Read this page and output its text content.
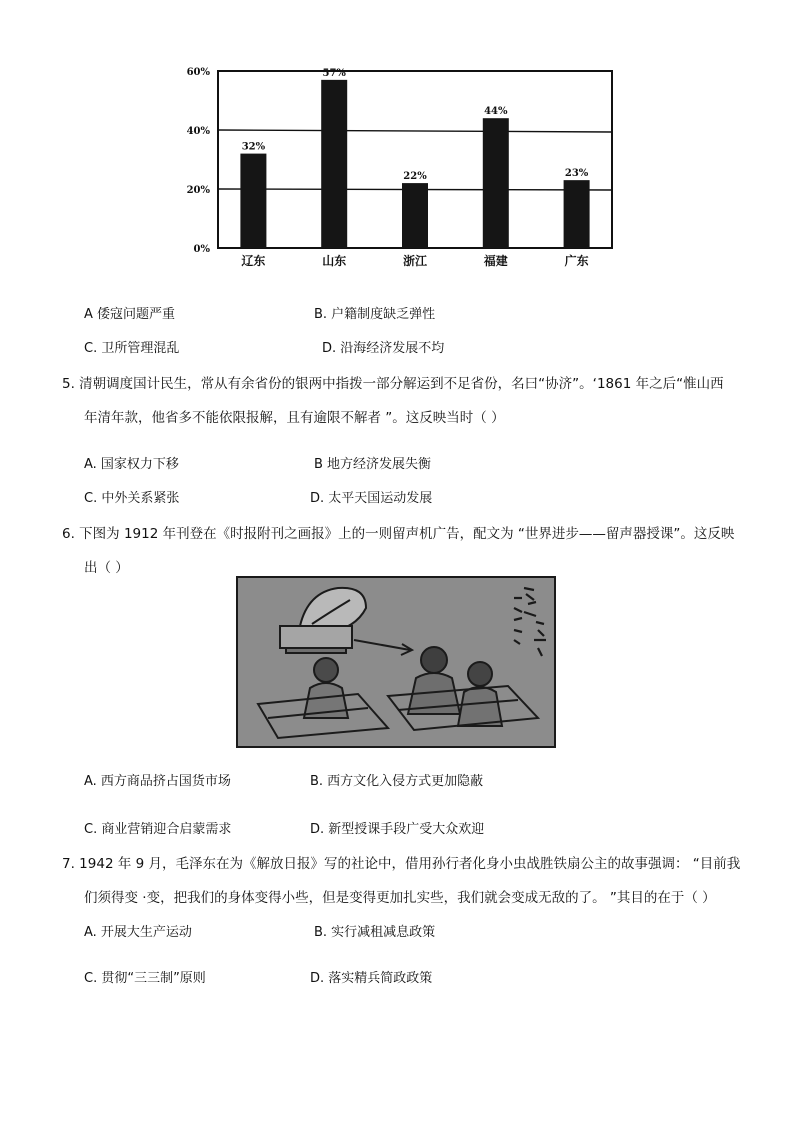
0%
20%
40%
60%
32%
辽东
57%
山东
22%
浙江
44%
福建
23%
广东
A 倭寇问题严重	B. 户籍制度缺乏弹性
C. 卫所管理混乱	D. 沿海经济发展不均
5. 清朝调度国计民生，常从有余省份的银两中指拨一部分解运到不足省份，名曰“协济”。‘1861 年之后“惟山西
年清年款，他省多不能依限报解，且有逾限不解者 ”。这反映当时（ ）
A. 国家权力下移	B 地方经济发展失衡
C. 中外关系紧张	D. 太平天国运动发展
6. 下图为 1912 年刊登在《时报附刊之画报》上的一则留声机广告，配文为 “世界进步——留声器授课”。这反映
出（ ）
A. 西方商品挤占国货市场	B. 西方文化入侵方式更加隐蔽
C. 商业营销迎合启蒙需求	D. 新型授课手段广受大众欢迎
7. 1942 年 9 月，毛泽东在为《解放日报》写的社论中，借用孙行者化身小虫战胜铁扇公主的故事强调： “目前我
们须得变 ·变，把我们的身体变得小些，但是变得更加扎实些，我们就会变成无敌的了。 ”其目的在于（ ）
A. 开展大生产运动	B. 实行减租减息政策
C. 贯彻“三三制”原则	D. 落实精兵简政政策
